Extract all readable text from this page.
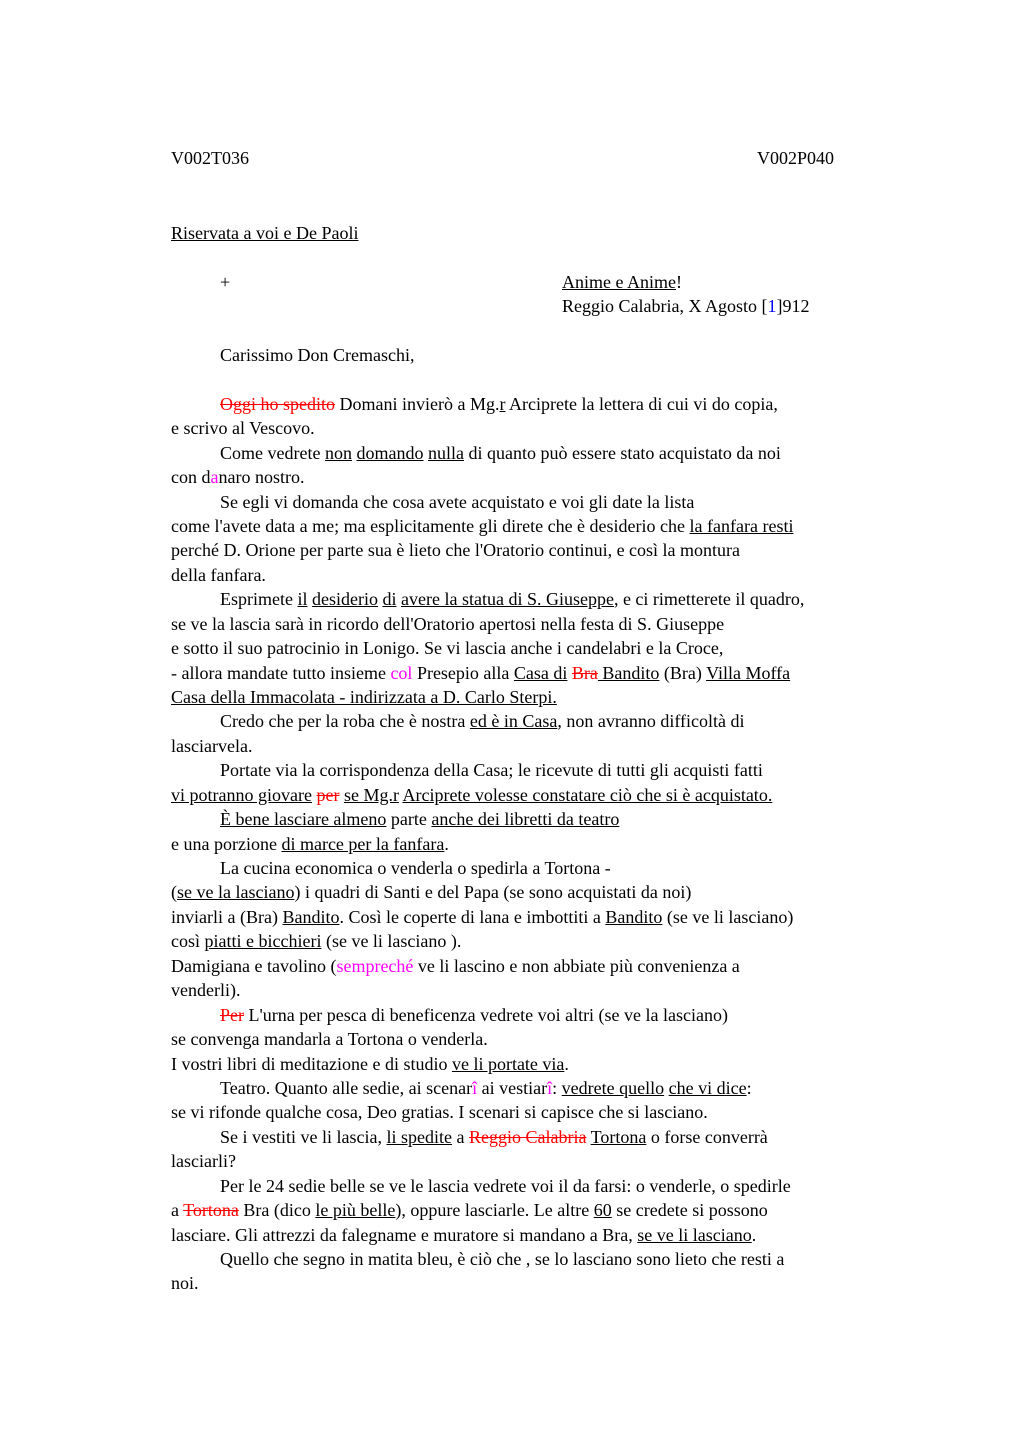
V002T036	V002P040
Riservata a voi e De Paoli
+	Anime e Anime!
Reggio Calabria, X Agosto [1]912
Carissimo Don Cremaschi,
Oggi ho spedito Domani invierò a Mg.r Arciprete la lettera di cui vi do copia,
e scrivo al Vescovo.
Come vedrete non domando nulla di quanto può essere stato acquistato da noi
con danaro nostro.
Se egli vi domanda che cosa avete acquistato e voi gli date la lista
come l'avete data a me; ma esplicitamente gli direte che è desiderio che la fanfara resti
perché D. Orione per parte sua è lieto che l'Oratorio continui, e così la montura
della fanfara.
Esprimete il desiderio di avere la statua di S. Giuseppe, e ci rimetterete il quadro,
se ve la lascia sarà in ricordo dell'Oratorio apertosi nella festa di S. Giuseppe
e sotto il suo patrocinio in Lonigo. Se vi lascia anche i candelabri e la Croce,
- allora mandate tutto insieme col Presepio alla Casa di Bra Bandito (Bra) Villa Moffa
Casa della Immacolata - indirizzata a D. Carlo Sterpi.
Credo che per la roba che è nostra ed è in Casa, non avranno difficoltà di
lasciarvela.
Portate via la corrispondenza della Casa; le ricevute di tutti gli acquisti fatti
vi potranno giovare per se Mg.r Arciprete volesse constatare ciò che si è acquistato.
È bene lasciare almeno parte anche dei libretti da teatro
e una porzione di marce per la fanfara.
La cucina economica o venderla o spedirla a Tortona -
(se ve la lasciano) i quadri di Santi e del Papa (se sono acquistati da noi)
inviarli a (Bra) Bandito. Così le coperte di lana e imbottiti a Bandito (se ve li lasciano)
così piatti e bicchieri (se ve li lasciano ).
Damigiana e tavolino (sempreché ve li lascino e non abbiate più convenienza a
venderli).
Per L'urna per pesca di beneficenza vedrete voi altri (se ve la lasciano)
se convenga mandarla a Tortona o venderla.
I vostri libri di meditazione e di studio ve li portate via.
Teatro. Quanto alle sedie, ai scenarî ai vestiarî: vedrete quello che vi dice:
se vi rifonde qualche cosa, Deo gratias. I scenari si capisce che si lasciano.
Se i vestiti ve li lascia, li spedite a Reggio Calabria Tortona o forse converrà
lasciarli?
Per le 24 sedie belle se ve le lascia vedrete voi il da farsi: o venderle, o spedirle
a Tortona Bra (dico le più belle), oppure lasciarle. Le altre 60 se credete si possono
lasciare. Gli attrezzi da falegname e muratore si mandano a Bra, se ve li lasciano.
Quello che segno in matita bleu, è ciò che , se lo lasciano sono lieto che resti a
noi.
